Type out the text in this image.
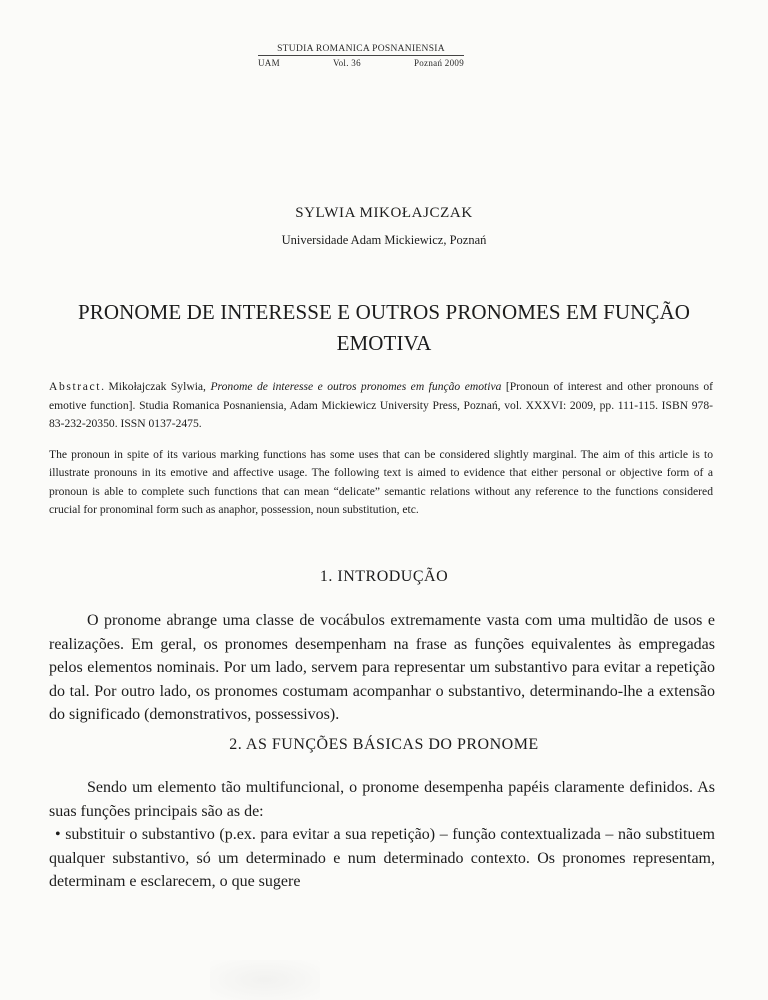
STUDIA ROMANICA POSNANIENSIA
UAM	Vol. 36	Poznań 2009
SYLWIA MIKOŁAJCZAK
Universidade Adam Mickiewicz, Poznań
PRONOME DE INTERESSE E OUTROS PRONOMES EM FUNÇÃO EMOTIVA
Abstract. Mikołajczak Sylwia, Pronome de interesse e outros pronomes em função emotiva [Pronoun of interest and other pronouns of emotive function]. Studia Romanica Posnaniensia, Adam Mickiewicz University Press, Poznań, vol. XXXVI: 2009, pp. 111-115. ISBN 978-83-232-20350. ISSN 0137-2475.
The pronoun in spite of its various marking functions has some uses that can be considered slightly marginal. The aim of this article is to illustrate pronouns in its emotive and affective usage. The following text is aimed to evidence that either personal or objective form of a pronoun is able to complete such functions that can mean “delicate” semantic relations without any reference to the functions considered crucial for pronominal form such as anaphor, possession, noun substitution, etc.
1. INTRODUÇÃO
O pronome abrange uma classe de vocábulos extremamente vasta com uma multidão de usos e realizações. Em geral, os pronomes desempenham na frase as funções equivalentes às empregadas pelos elementos nominais. Por um lado, servem para representar um substantivo para evitar a repetição do tal. Por outro lado, os pronomes costumam acompanhar o substantivo, determinando-lhe a extensão do significado (demonstrativos, possessivos).
2. AS FUNÇÕES BÁSICAS DO PRONOME
Sendo um elemento tão multifuncional, o pronome desempenha papéis claramente definidos. As suas funções principais são as de:
• substituir o substantivo (p.ex. para evitar a sua repetição) – função contextualizada – não substituem qualquer substantivo, só um determinado e num determinado contexto. Os pronomes representam, determinam e esclarecem, o que sugere
